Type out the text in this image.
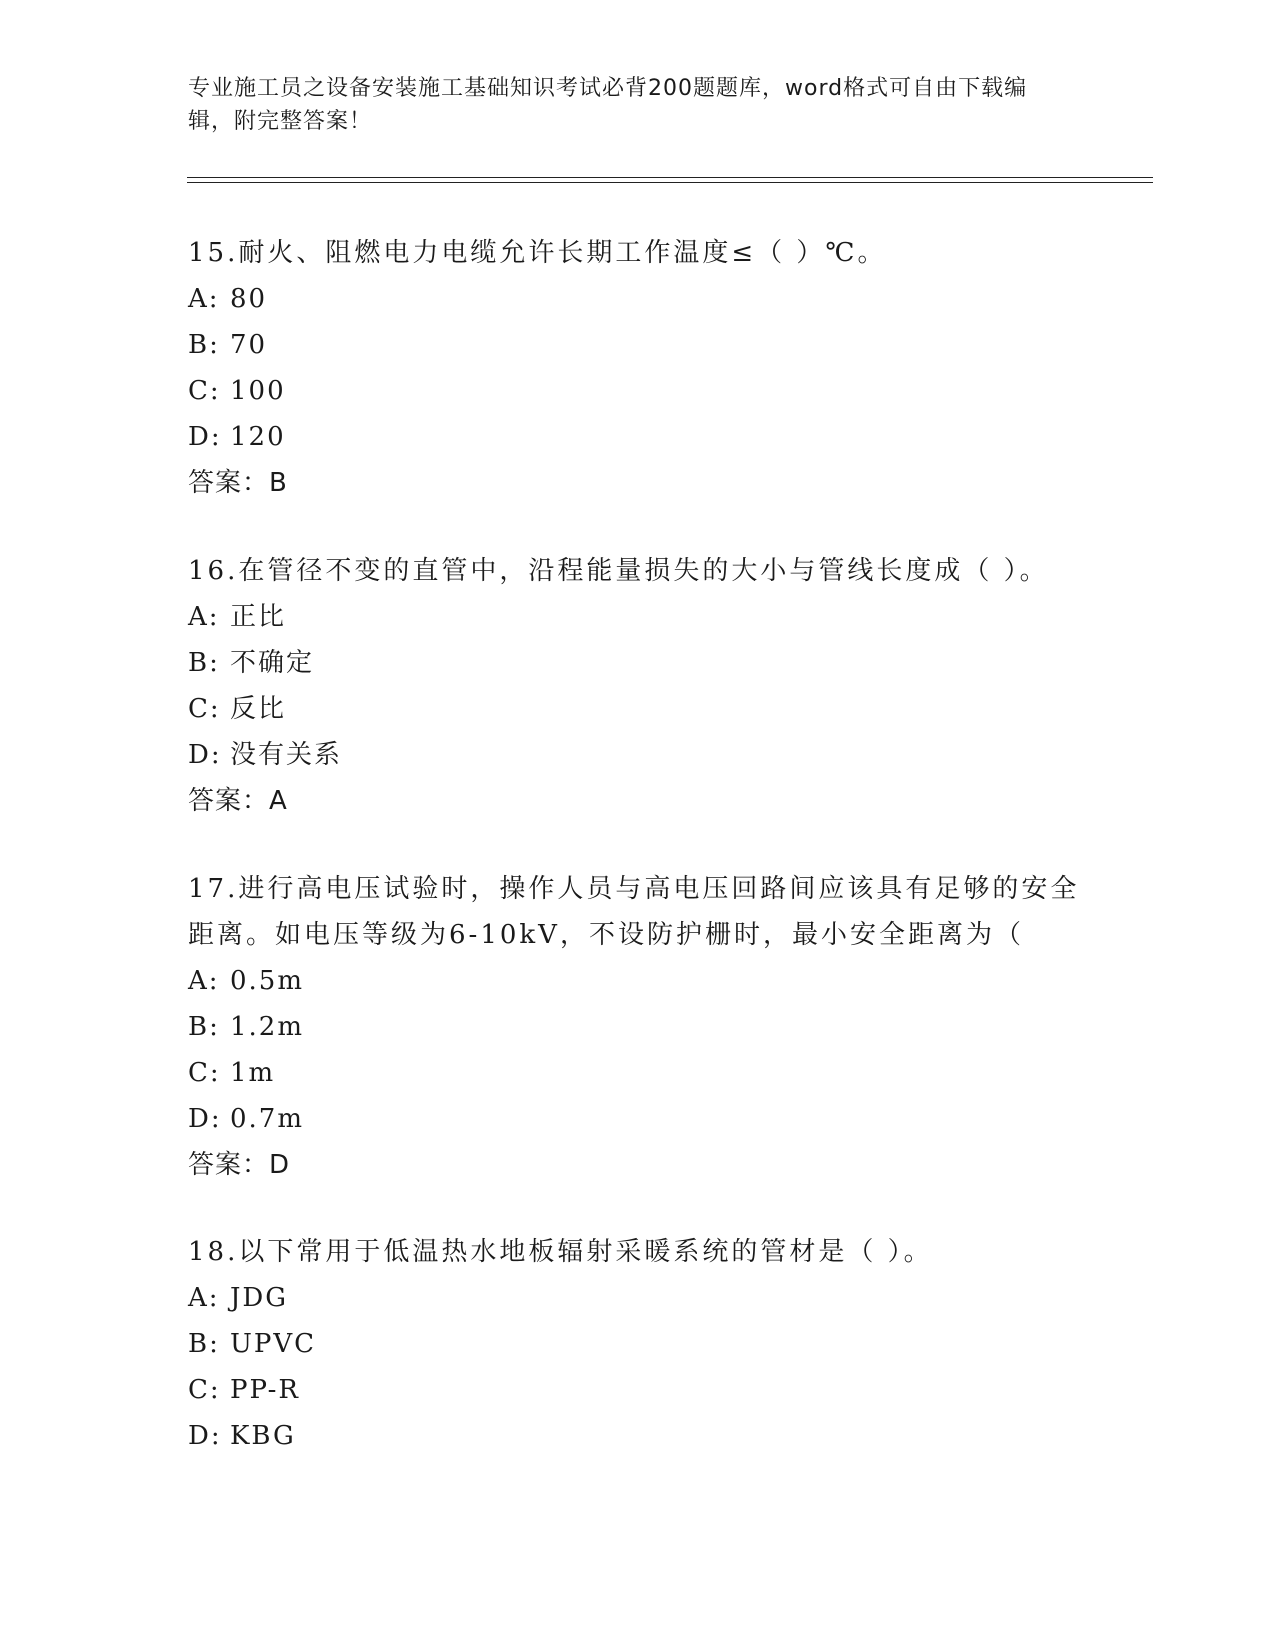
专业施工员之设备安装施工基础知识考试必背200题题库，word格式可自由下载编辑，附完整答案！

15.耐火、阻燃电力电缆允许长期工作温度≤（ ）℃。

A: 80
B: 70
C: 100
D: 120
答案：B

16.在管径不变的直管中，沿程能量损失的大小与管线长度成（ ）。

A: 正比
B: 不确定
C: 反比
D: 没有关系
答案：A

17.进行高电压试验时，操作人员与高电压回路间应该具有足够的安全距离。如电压等级为6-10kV，不设防护栅时，最小安全距离为（

A: 0.5m
B: 1.2m
C: 1m
D: 0.7m
答案：D

18.以下常用于低温热水地板辐射采暖系统的管材是（ ）。

A: JDG
B: UPVC
C: PP-R
D: KBG
